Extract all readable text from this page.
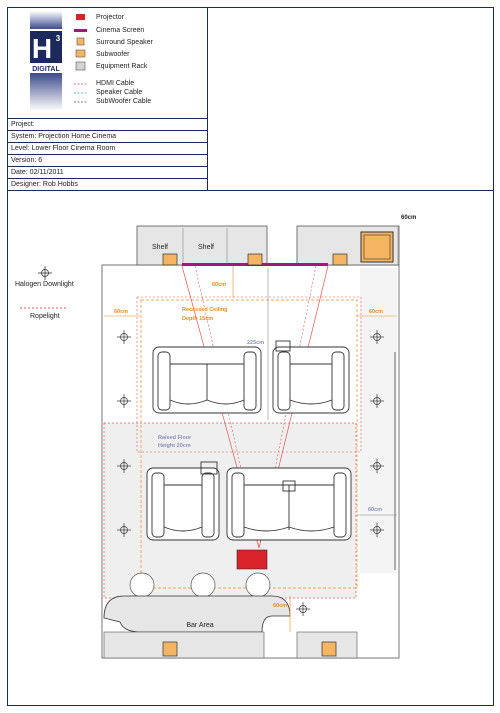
H 3
DIGITAL
Projector
Cinema Screen
Surround Speaker
Subwoofer
Equipment Rack
HDMI Cable
Speaker Cable
SubWoofer Cable
Project:
System: Projection Home Cinema
Level: Lower Floor Cinema Room
Version: 6
Date: 02/11/2011
Designer: Rob Hobbs
Halogen Downlight
Ropelight
Shelf	Shelf
60cm
60cm
225cm
60cm	60cm
60cm
Recessed Ceiling
Depth 15cm
Raised Floor
Height 20cm
Bar Area
60cm
